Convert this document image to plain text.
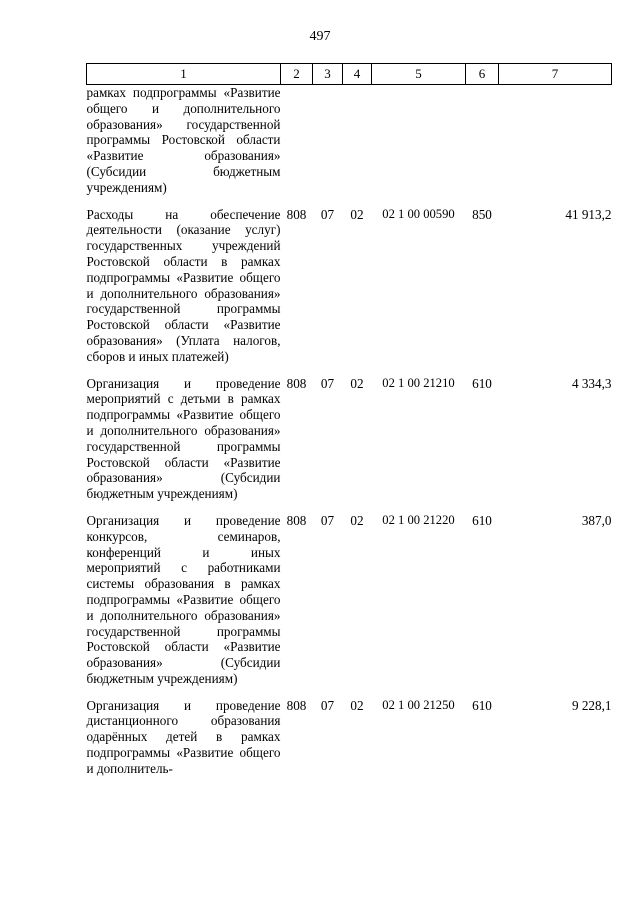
497
1	2	3	4	5	6	7
рамках подпрограммы «Развитие общего и дополнительного образования» государственной программы Ростовской области «Развитие образования» (Субсидии бюджетным учреждениям)						
Расходы на обеспечение деятельности (оказание услуг) государственных учреждений Ростовской области в рамках подпрограммы «Развитие общего и дополнительного образования» государственной программы Ростовской области «Развитие образования» (Уплата налогов, сборов и иных платежей)	808	07	02	02 1 00 00590	850	41 913,2
Организация и проведение мероприятий с детьми в рамках подпрограммы «Развитие общего и дополнительного образования» государственной программы Ростовской области «Развитие образования» (Субсидии бюджетным учреждениям)	808	07	02	02 1 00 21210	610	4 334,3
Организация и проведение конкурсов, семинаров, конференций и иных мероприятий с работниками системы образования в рамках подпрограммы «Развитие общего и дополнительного образования» государственной программы Ростовской области «Развитие образования» (Субсидии бюджетным учреждениям)	808	07	02	02 1 00 21220	610	387,0
Организация и проведение дистанционного образования одарённых детей в рамках подпрограммы «Развитие общего и дополнитель-	808	07	02	02 1 00 21250	610	9 228,1
